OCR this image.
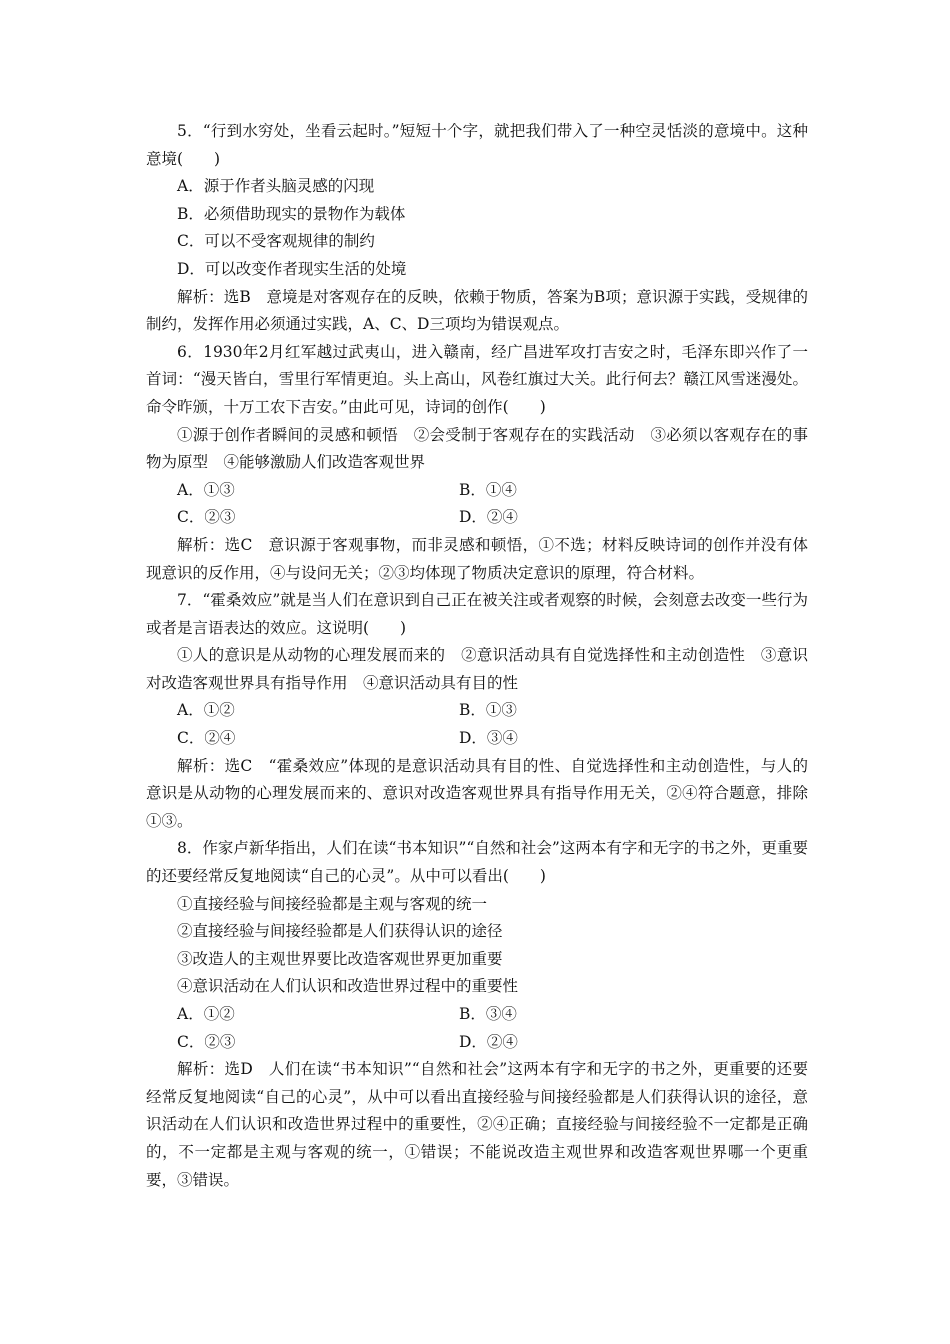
5．“行到水穷处，坐看云起时。”短短十个字，就把我们带入了一种空灵恬淡的意境中。这种意境(　　)

A．源于作者头脑灵感的闪现

B．必须借助现实的景物作为载体

C．可以不受客观规律的制约

D．可以改变作者现实生活的处境

解析：选B　意境是对客观存在的反映，依赖于物质，答案为B项；意识源于实践，受规律的制约，发挥作用必须通过实践，A、C、D三项均为错误观点。

6．1930年2月红军越过武夷山，进入赣南，经广昌进军攻打吉安之时，毛泽东即兴作了一首词：“漫天皆白，雪里行军情更迫。头上高山，风卷红旗过大关。此行何去？赣江风雪迷漫处。命令昨颁，十万工农下吉安。”由此可见，诗词的创作(　　)

①源于创作者瞬间的灵感和顿悟　②会受制于客观存在的实践活动　③必须以客观存在的事物为原型　④能够激励人们改造客观世界

A．①③	B．①④
C．②③	D．②④

解析：选C　意识源于客观事物，而非灵感和顿悟，①不选；材料反映诗词的创作并没有体现意识的反作用，④与设问无关；②③均体现了物质决定意识的原理，符合材料。

7．“霍桑效应”就是当人们在意识到自己正在被关注或者观察的时候，会刻意去改变一些行为或者是言语表达的效应。这说明(　　)

①人的意识是从动物的心理发展而来的　②意识活动具有自觉选择性和主动创造性　③意识对改造客观世界具有指导作用　④意识活动具有目的性

A．①②	B．①③
C．②④	D．③④

解析：选C　“霍桑效应”体现的是意识活动具有目的性、自觉选择性和主动创造性，与人的意识是从动物的心理发展而来的、意识对改造客观世界具有指导作用无关，②④符合题意，排除①③。

8．作家卢新华指出，人们在读“书本知识”“自然和社会”这两本有字和无字的书之外，更重要的还要经常反复地阅读“自己的心灵”。从中可以看出(　　)

①直接经验与间接经验都是主观与客观的统一

②直接经验与间接经验都是人们获得认识的途径

③改造人的主观世界要比改造客观世界更加重要

④意识活动在人们认识和改造世界过程中的重要性

A．①②	B．③④
C．②③	D．②④

解析：选D　人们在读“书本知识”“自然和社会”这两本有字和无字的书之外，更重要的还要经常反复地阅读“自己的心灵”，从中可以看出直接经验与间接经验都是人们获得认识的途径，意识活动在人们认识和改造世界过程中的重要性，②④正确；直接经验与间接经验不一定都是正确的，不一定都是主观与客观的统一，①错误；不能说改造主观世界和改造客观世界哪一个更重要，③错误。
